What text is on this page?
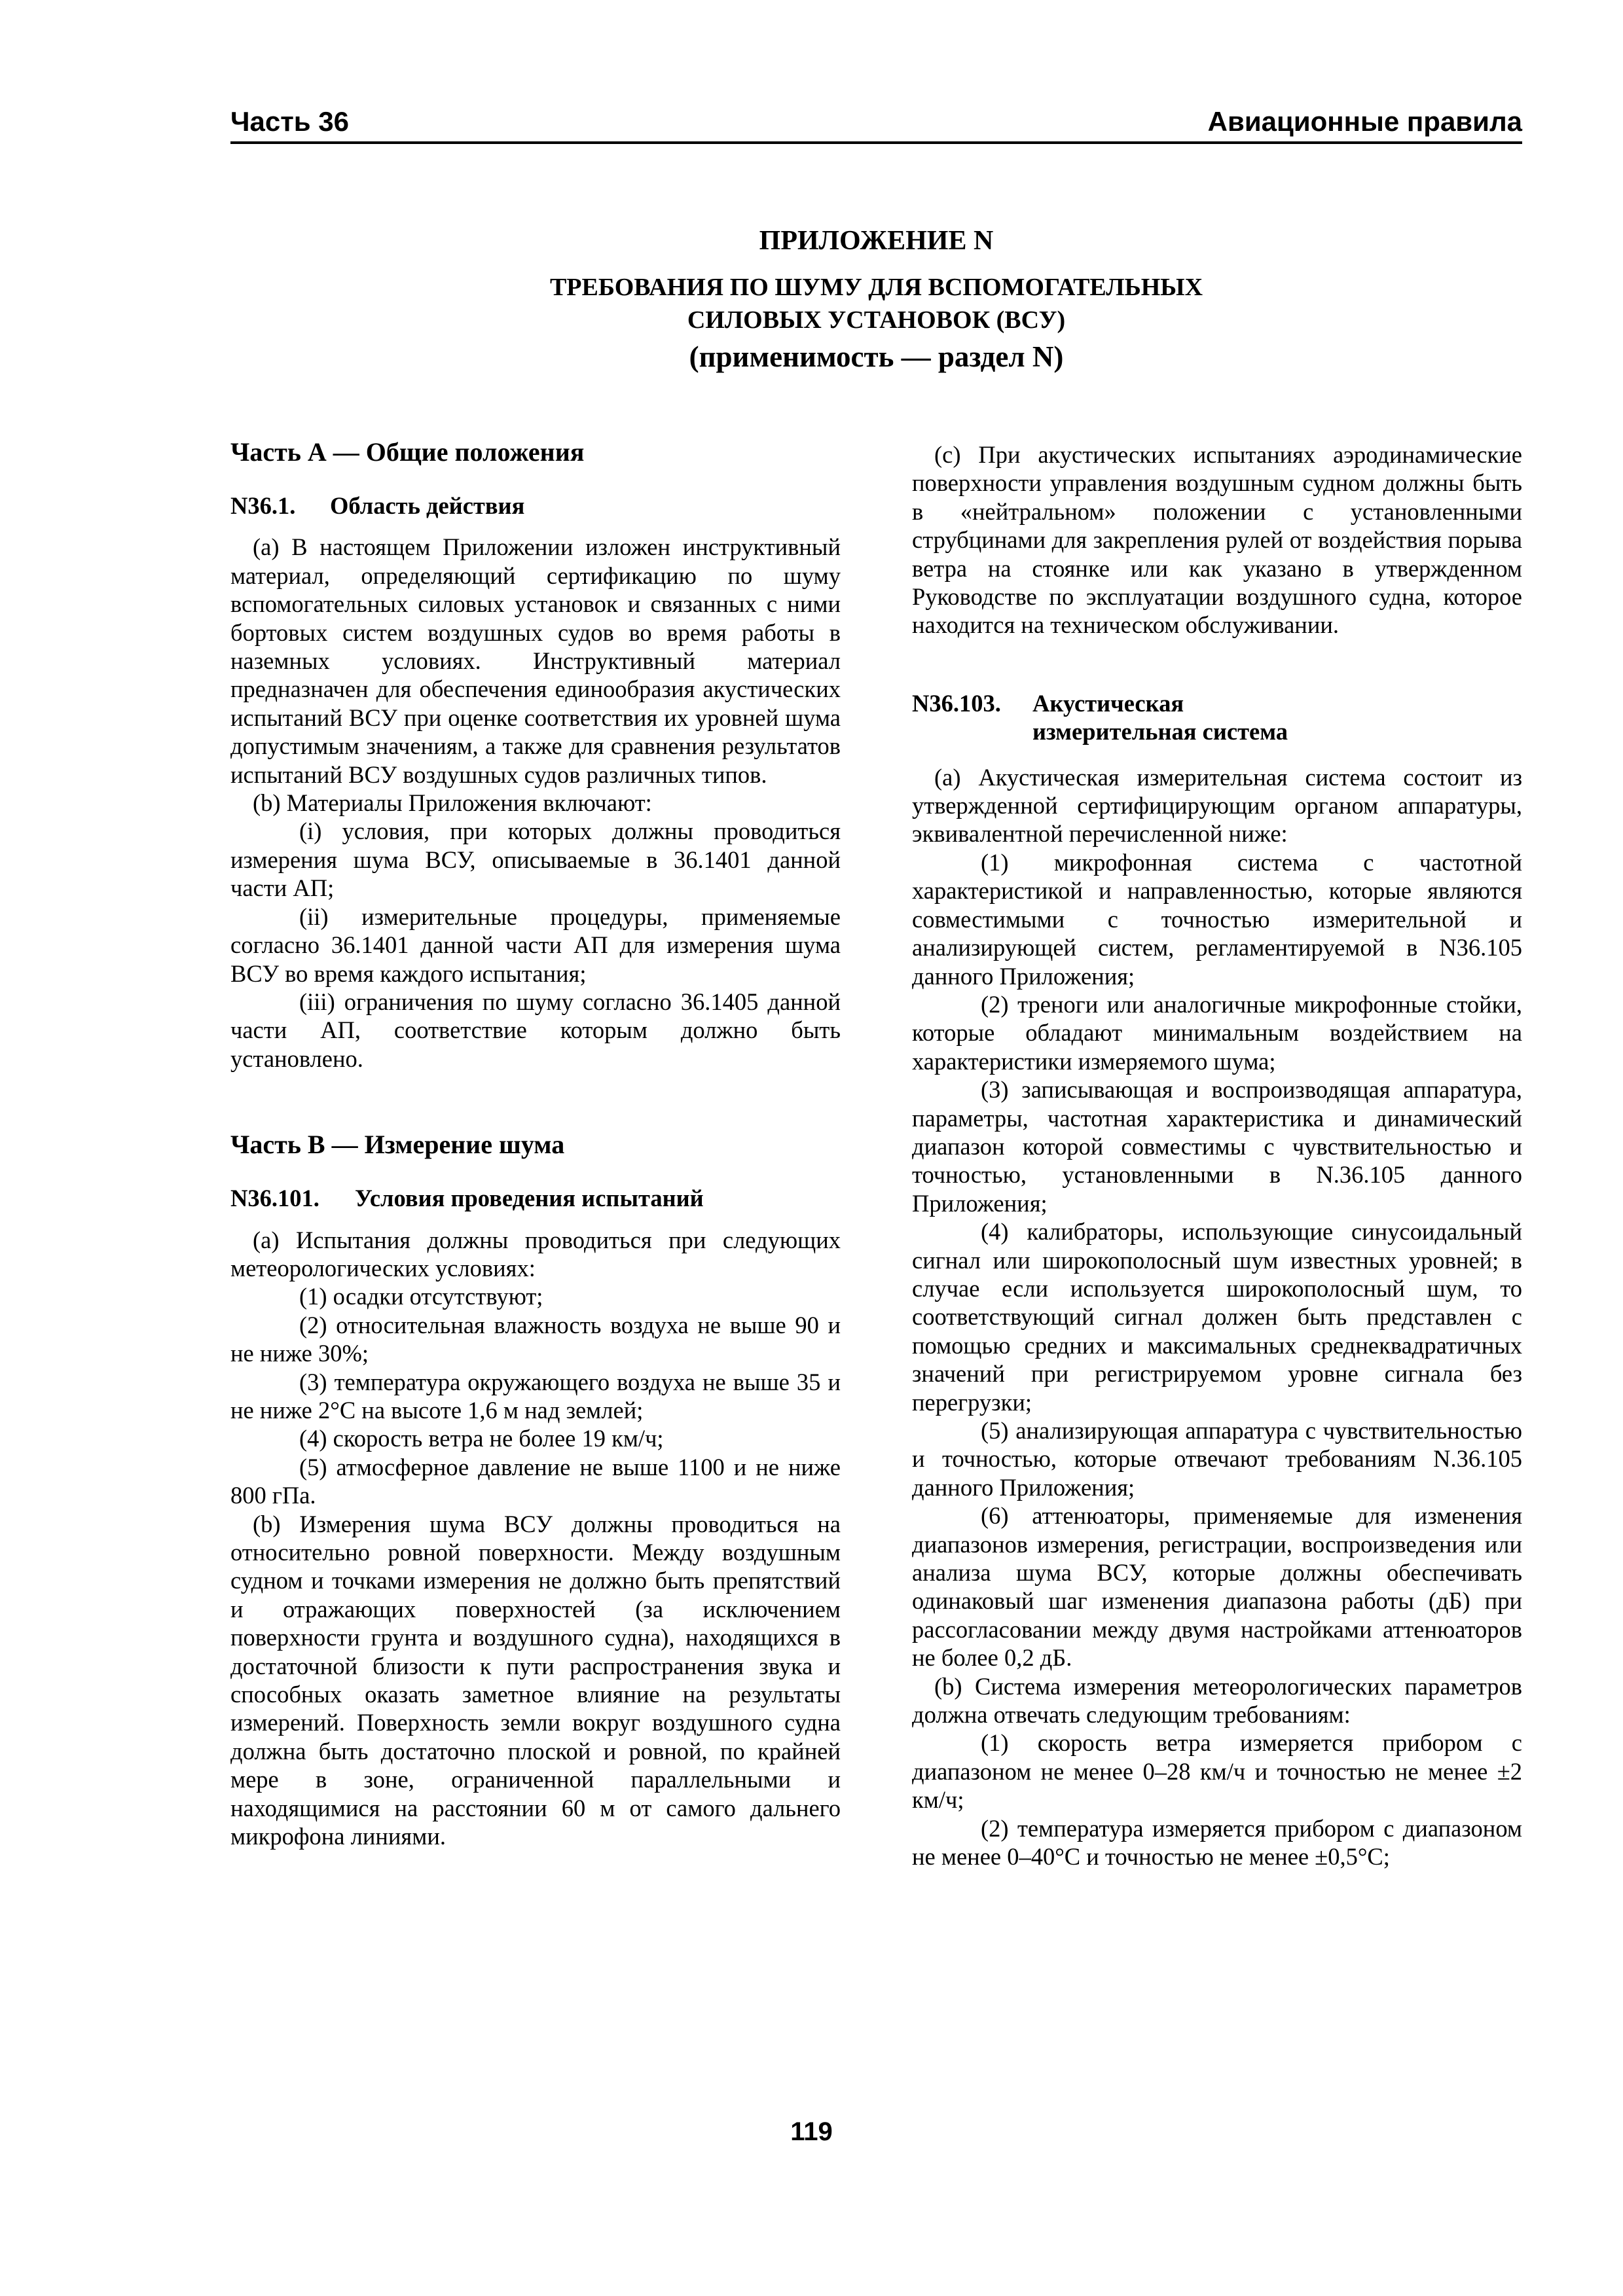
Часть 36	Авиационные правила
ПРИЛОЖЕНИЕ N
ТРЕБОВАНИЯ ПО ШУМУ ДЛЯ ВСПОМОГАТЕЛЬНЫХ
СИЛОВЫХ УСТАНОВОК (ВСУ)
(применимость — раздел N)

Часть А — Общие положения

N36.1.	Область действия

(a) В настоящем Приложении изложен инструктивный материал, определяющий сертификацию по шуму вспомогательных силовых установок и связанных с ними бортовых систем воздушных судов во время работы в наземных условиях. Инструктивный материал предназначен для обеспечения единообразия акустических испытаний ВСУ при оценке соответствия их уровней шума допустимым значениям, а также для сравнения результатов испытаний ВСУ воздушных судов различных типов.

(b) Материалы Приложения включают:

(i) условия, при которых должны проводиться измерения шума ВСУ, описываемые в 36.1401 данной части АП;

(ii) измерительные процедуры, применяемые согласно 36.1401 данной части АП для измерения шума ВСУ во время каждого испытания;

(iii) ограничения по шуму согласно 36.1405 данной части АП, соответствие которым должно быть установлено.

Часть B — Измерение шума

N36.101.	Условия проведения испытаний

(a) Испытания должны проводиться при следующих метеорологических условиях:

(1) осадки отсутствуют;

(2) относительная влажность воздуха не выше 90 и не ниже 30%;

(3) температура окружающего воздуха не выше 35 и не ниже 2°С на высоте 1,6 м над землей;

(4) скорость ветра не более 19 км/ч;

(5) атмосферное давление не выше 1100 и не ниже 800 гПа.

(b) Измерения шума ВСУ должны проводиться на относительно ровной поверхности. Между воздушным судном и точками измерения не должно быть препятствий и отражающих поверхностей (за исключением поверхности грунта и воздушного судна), находящихся в достаточной близости к пути распространения звука и способных оказать заметное влияние на результаты измерений. Поверхность земли вокруг воздушного судна должна быть достаточно плоской и ровной, по крайней мере в зоне, ограниченной параллельными и находящимися на расстоянии 60 м от самого дальнего микрофона линиями.

(c) При акустических испытаниях аэродинамические поверхности управления воздушным судном должны быть в «нейтральном» положении с установленными струбцинами для закрепления рулей от воздействия порыва ветра на стоянке или как указано в утвержденном Руководстве по эксплуатации воздушного судна, которое находится на техническом обслуживании.

N36.103.	Акустическая измерительная система

(a) Акустическая измерительная система состоит из утвержденной сертифицирующим органом аппаратуры, эквивалентной перечисленной ниже:

(1) микрофонная система с частотной характеристикой и направленностью, которые являются совместимыми с точностью измерительной и анализирующей систем, регламентируемой в N36.105 данного Приложения;

(2) треноги или аналогичные микрофонные стойки, которые обладают минимальным воздействием на характеристики измеряемого шума;

(3) записывающая и воспроизводящая аппаратура, параметры, частотная характеристика и динамический диапазон которой совместимы с чувствительностью и точностью, установленными в N.36.105 данного Приложения;

(4) калибраторы, использующие синусоидальный сигнал или широкополосный шум известных уровней; в случае если используется широкополосный шум, то соответствующий сигнал должен быть представлен с помощью средних и максимальных среднеквадратичных значений при регистрируемом уровне сигнала без перегрузки;

(5) анализирующая аппаратура с чувствительностью и точностью, которые отвечают требованиям N.36.105 данного Приложения;

(6) аттенюаторы, применяемые для изменения диапазонов измерения, регистрации, воспроизведения или анализа шума ВСУ, которые должны обеспечивать одинаковый шаг изменения диапазона работы (дБ) при рассогласовании между двумя настройками аттенюаторов не более 0,2 дБ.

(b) Система измерения метеорологических параметров должна отвечать следующим требованиям:

(1) скорость ветра измеряется прибором с диапазоном не менее 0–28 км/ч и точностью не менее ±2 км/ч;

(2) температура измеряется прибором с диапазоном не менее 0–40°С и точностью не менее ±0,5°С;

119
